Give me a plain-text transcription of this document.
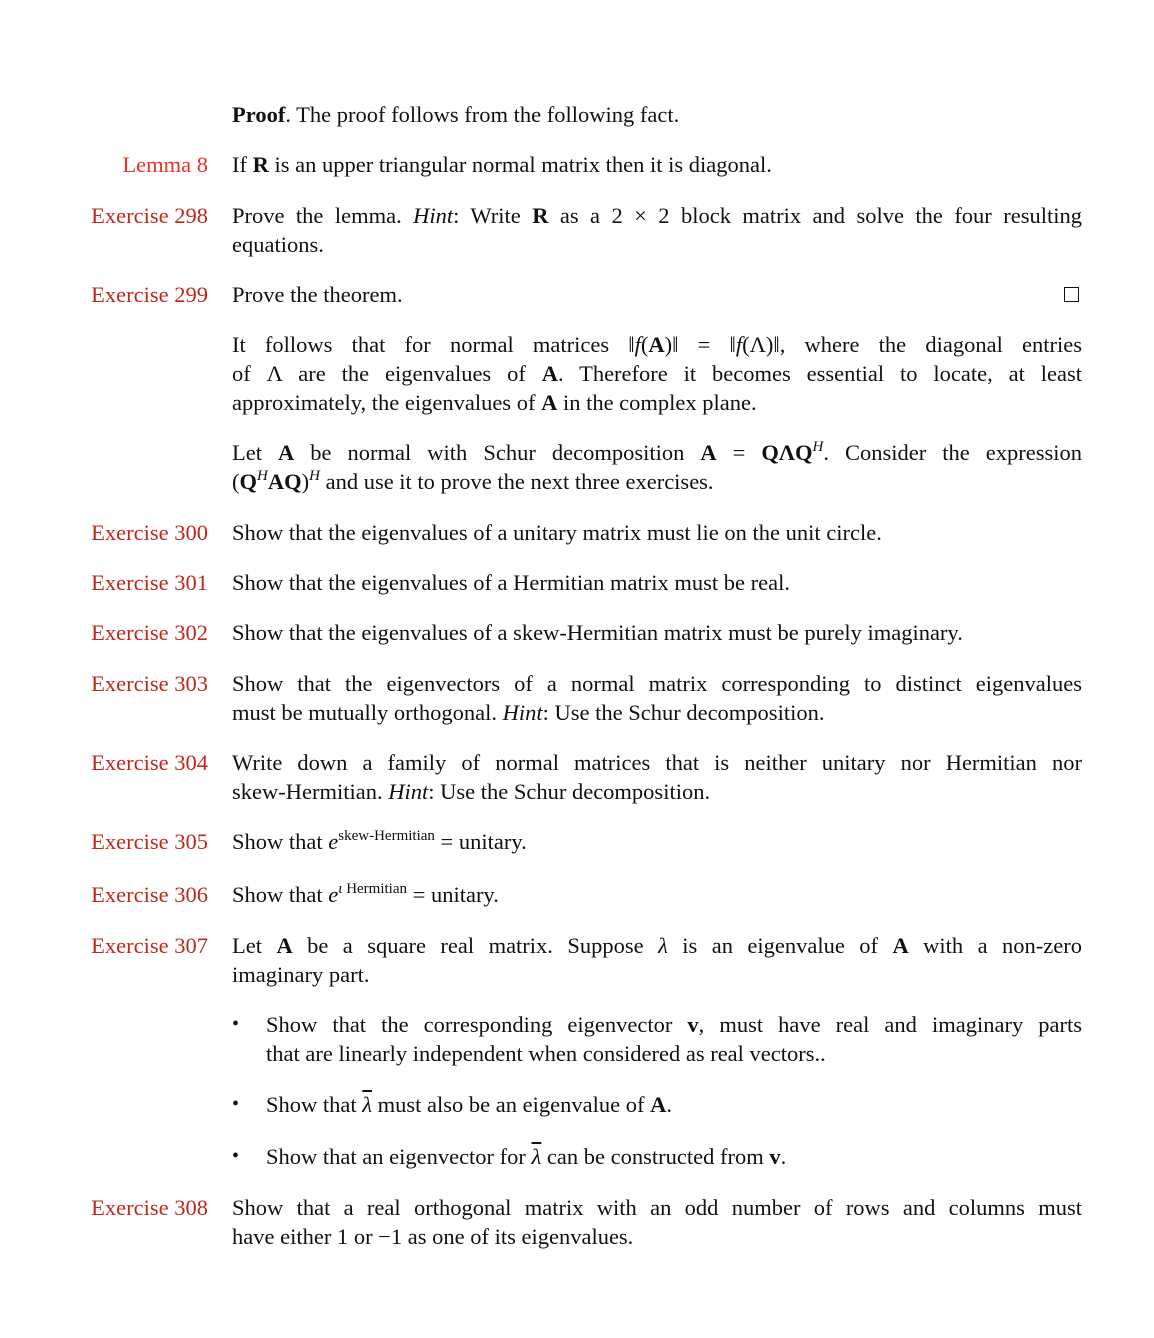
Proof. The proof follows from the following fact.
Lemma 8 If R is an upper triangular normal matrix then it is diagonal.
Exercise 298 Prove the lemma. Hint: Write R as a 2 × 2 block matrix and solve the four resulting
equations.
Exercise 299 Prove the theorem.
It follows that for normal matrices ‖f(A)‖ = ‖f(Λ)‖, where the diagonal entries
of Λ are the eigenvalues of A. Therefore it becomes essential to locate, at least
approximately, the eigenvalues of A in the complex plane.
Let A be normal with Schur decomposition $A = Q\Lambda Q^H$. Consider the expression
$(Q^HAQ)^H$ and use it to prove the next three exercises.
Exercise 300 Show that the eigenvalues of a unitary matrix must lie on the unit circle.
Exercise 301 Show that the eigenvalues of a Hermitian matrix must be real.
Exercise 302 Show that the eigenvalues of a skew-Hermitian matrix must be purely imaginary.
Exercise 303 Show that the eigenvectors of a normal matrix corresponding to distinct eigenvalues
must be mutually orthogonal. Hint: Use the Schur decomposition.
Exercise 304 Write down a family of normal matrices that is neither unitary nor Hermitian nor
skew-Hermitian. Hint: Use the Schur decomposition.
Exercise 305 Show that $e^{skew-Hermitian}$ = unitary.
Exercise 306 Show that $e^{\iota Hermitian}$ = unitary.
Exercise 307 Let A be a square real matrix. Suppose λ is an eigenvalue of A with a non-zero
imaginary part.
• Show that the corresponding eigenvector v, must have real and imaginary parts
that are linearly independent when considered as real vectors..
• Show that $\overline{\lambda}$ must also be an eigenvalue of A.
• Show that an eigenvector for $\overline{\lambda}$ can be constructed from v.
Exercise 308 Show that a real orthogonal matrix with an odd number of rows and columns must
have either 1 or −1 as one of its eigenvalues.
